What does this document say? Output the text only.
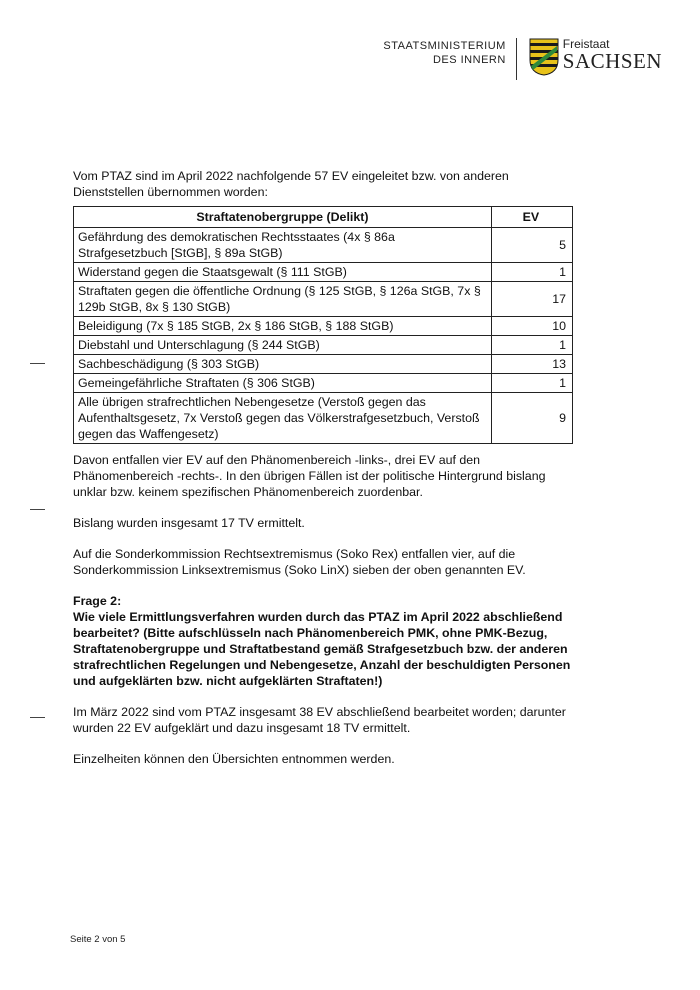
STAATSMINISTERIUM
DES INNERN
Freistaat
SACHSEN

Vom PTAZ sind im April 2022 nachfolgende 57 EV eingeleitet bzw. von anderen Dienststellen übernommen worden:

Straftatenobergruppe (Delikt)	EV
Gefährdung des demokratischen Rechtsstaates (4x § 86a Strafgesetzbuch [StGB], § 89a StGB)	5
Widerstand gegen die Staatsgewalt (§ 111 StGB)	1
Straftaten gegen die öffentliche Ordnung (§ 125 StGB, § 126a StGB, 7x § 129b StGB, 8x § 130 StGB)	17
Beleidigung (7x § 185 StGB, 2x § 186 StGB, § 188 StGB)	10
Diebstahl und Unterschlagung (§ 244 StGB)	1
Sachbeschädigung (§ 303 StGB)	13
Gemeingefährliche Straftaten (§ 306 StGB)	1
Alle übrigen strafrechtlichen Nebengesetze (Verstoß gegen das Aufenthaltsgesetz, 7x Verstoß gegen das Völkerstrafgesetzbuch, Verstoß gegen das Waffengesetz)	9

Davon entfallen vier EV auf den Phänomenbereich -links-, drei EV auf den Phänomenbereich -rechts-. In den übrigen Fällen ist der politische Hintergrund bislang unklar bzw. keinem spezifischen Phänomenbereich zuordenbar.

Bislang wurden insgesamt 17 TV ermittelt.

Auf die Sonderkommission Rechtsextremismus (Soko Rex) entfallen vier, auf die Sonderkommission Linksextremismus (Soko LinX) sieben der oben genannten EV.

Frage 2:

Wie viele Ermittlungsverfahren wurden durch das PTAZ im April 2022 abschließend bearbeitet? (Bitte aufschlüsseln nach Phänomenbereich PMK, ohne PMK-Bezug, Straftatenobergruppe und Straftatbestand gemäß Strafgesetzbuch bzw. der anderen strafrechtlichen Regelungen und Nebengesetze, Anzahl der beschuldigten Personen und aufgeklärten bzw. nicht aufgeklärten Straftaten!)

Im März 2022 sind vom PTAZ insgesamt 38 EV abschließend bearbeitet worden; darunter wurden 22 EV aufgeklärt und dazu insgesamt 18 TV ermittelt.

Einzelheiten können den Übersichten entnommen werden.

Seite 2 von 5
